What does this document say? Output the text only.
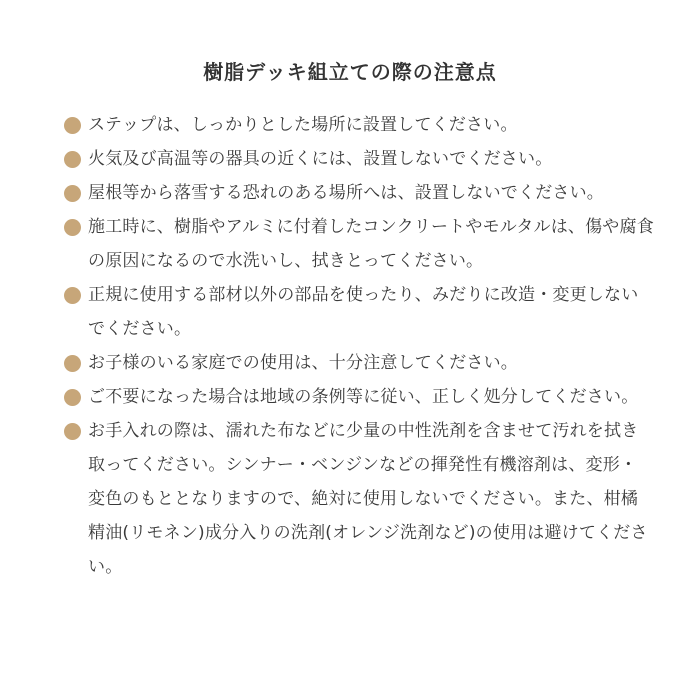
樹脂デッキ組立ての際の注意点
ステップは、しっかりとした場所に設置してください。
火気及び高温等の器具の近くには、設置しないでください。
屋根等から落雪する恐れのある場所へは、設置しないでください。
施工時に、樹脂やアルミに付着したコンクリートやモルタルは、傷や腐食の原因になるので水洗いし、拭きとってください。
正規に使用する部材以外の部品を使ったり、みだりに改造・変更しないでください。
お子様のいる家庭での使用は、十分注意してください。
ご不要になった場合は地域の条例等に従い、正しく処分してください。
お手入れの際は、濡れた布などに少量の中性洗剤を含ませて汚れを拭き取ってください。シンナー・ベンジンなどの揮発性有機溶剤は、変形・変色のもととなりますので、絶対に使用しないでください。また、柑橘精油(リモネン)成分入りの洗剤(オレンジ洗剤など)の使用は避けてください。
